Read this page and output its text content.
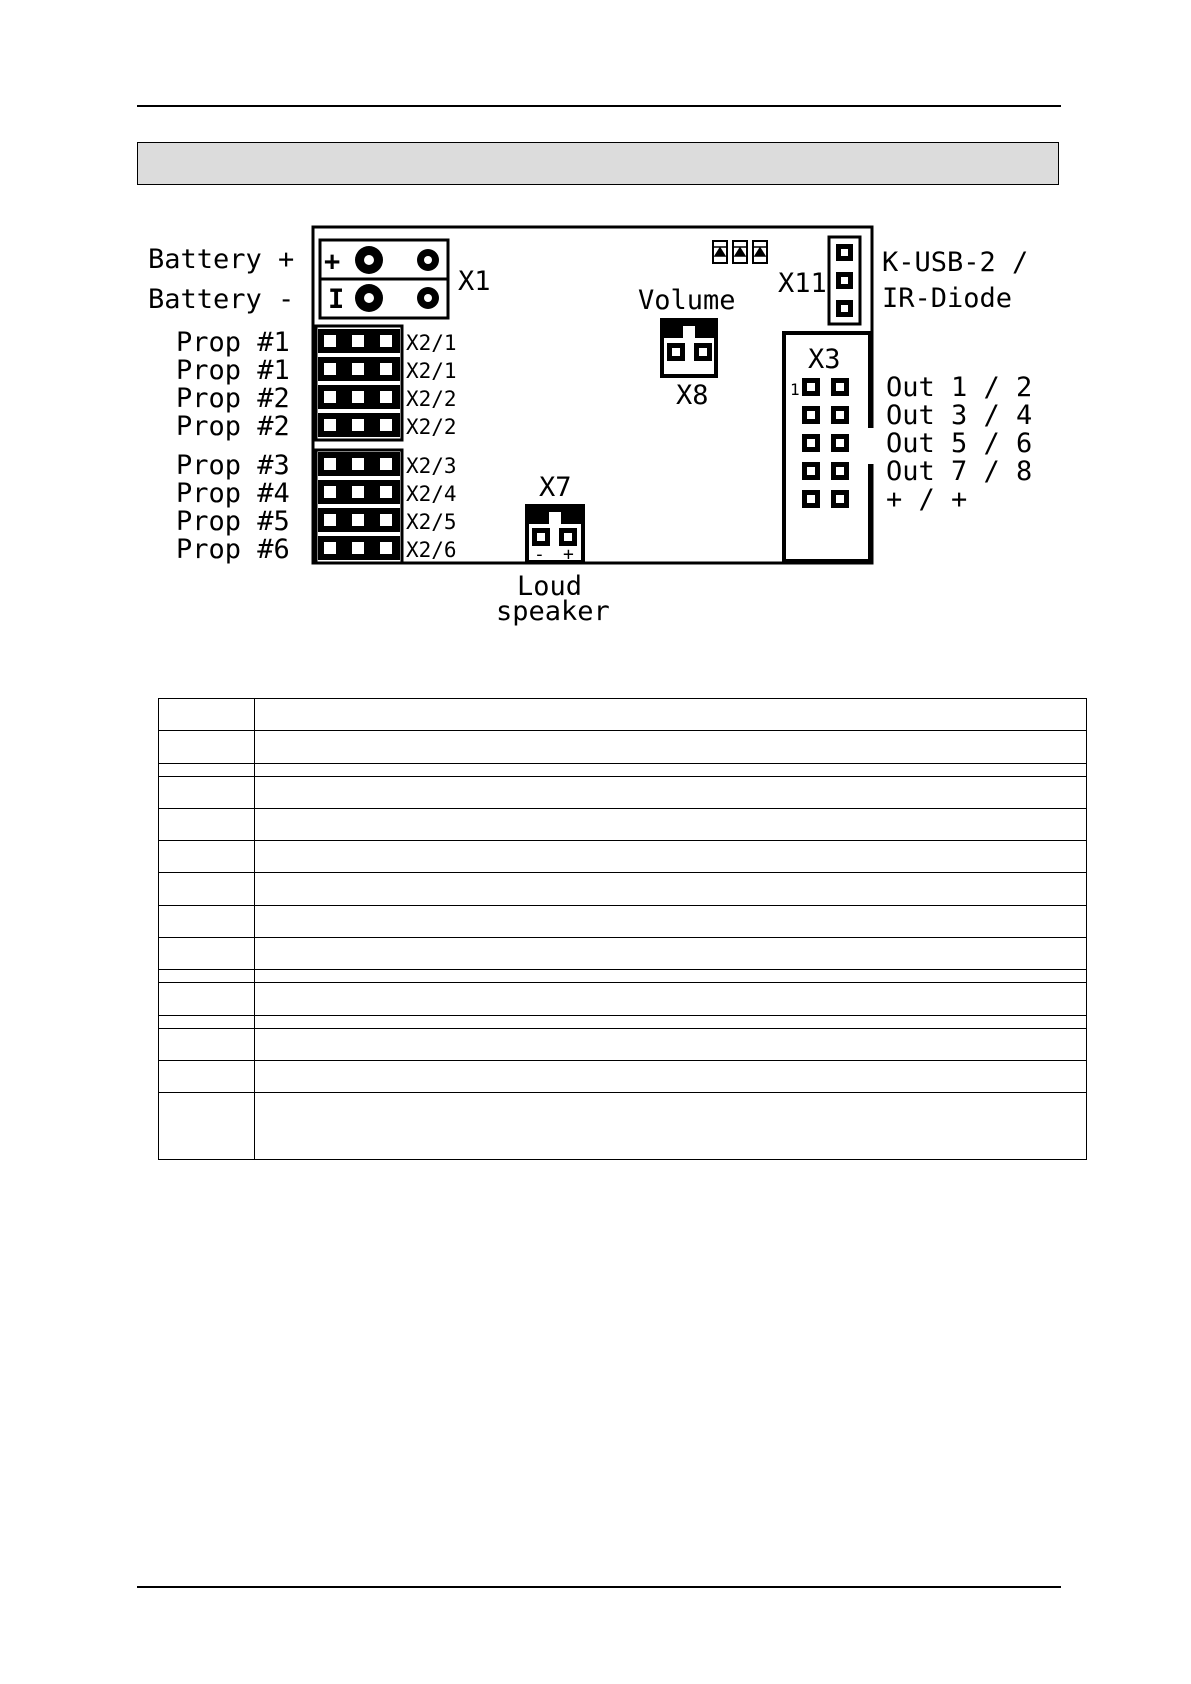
+
I
X1
Battery +
Battery -
Prop #1
Prop #1
Prop #2
Prop #2
Prop #3
Prop #4
Prop #5
Prop #6
X2/1
X2/1
X2/2
X2/2
X2/3
X2/4
X2/5
X2/6
X11
Volume
X8
X7
- +
Loud
speaker
X3
1
K-USB-2 /
IR-Diode
Out 1 / 2
Out 3 / 4
Out 5 / 6
Out 7 / 8
+ / +
